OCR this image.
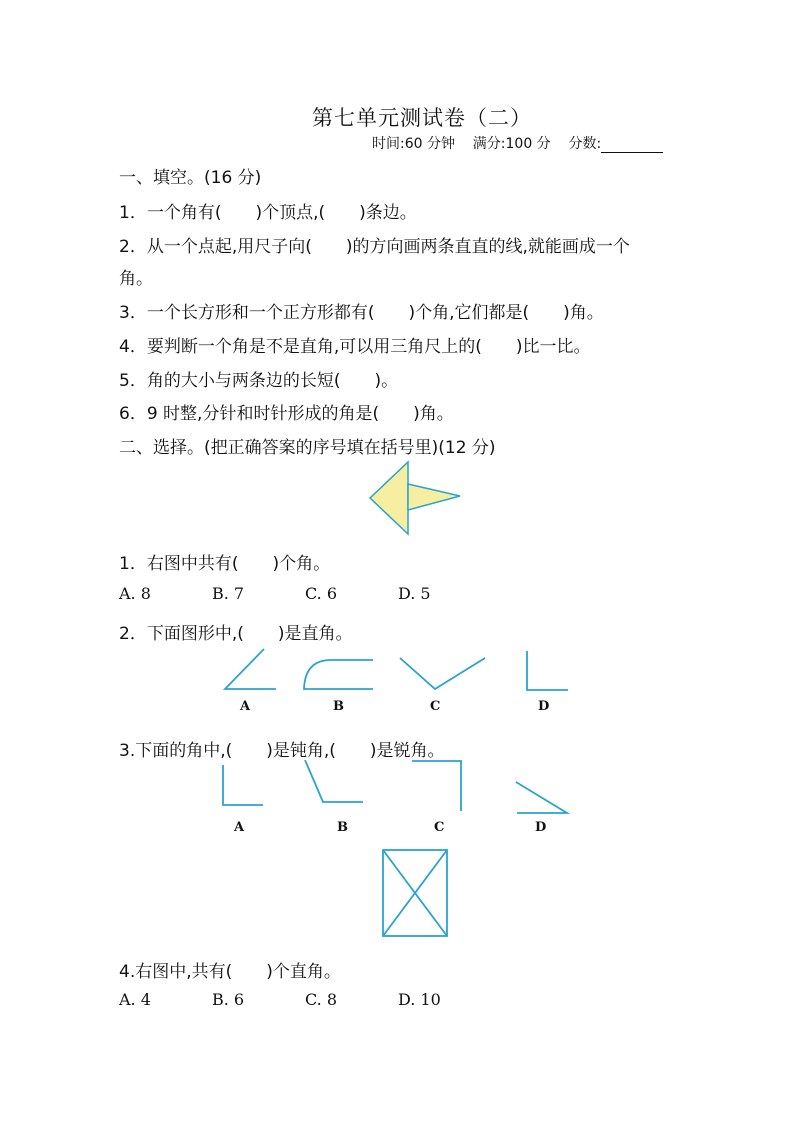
第七单元测试卷（二）
时间:60 分钟 满分:100 分 分数:
一、填空。(16 分)
1．一个角有(　　)个顶点,(　　)条边。
2．从一个点起,用尺子向(　　)的方向画两条直直的线,就能画成一个
角。
3．一个长方形和一个正方形都有(　　)个角,它们都是(　　)角。
4．要判断一个角是不是直角,可以用三角尺上的(　　)比一比。
5．角的大小与两条边的长短(　　)。
6．9 时整,分针和时针形成的角是(　　)角。
二、选择。(把正确答案的序号填在括号里)(12 分)
1．右图中共有(　　)个角。
A. 8	B. 7	C. 6	D. 5
2．下面图形中,(　　)是直角。
A	B	C	D
3.下面的角中,(　　)是钝角,(　　)是锐角。
A	B	C	D
4.右图中,共有(　　)个直角。
A. 4	B. 6	C. 8	D. 10
